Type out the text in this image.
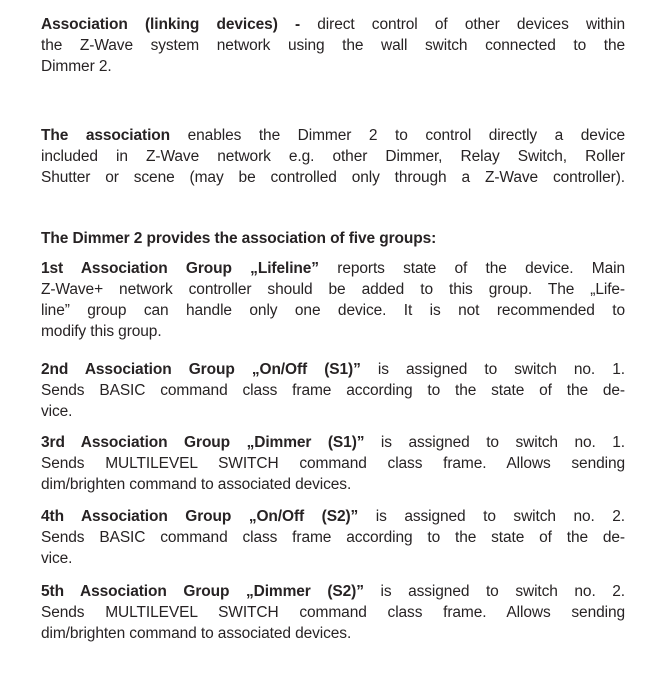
Association (linking devices) - direct control of other devices within
the Z-Wave system network using the wall switch connected to the
Dimmer 2.

The association enables the Dimmer 2 to control directly a device
included in Z-Wave network e.g. other Dimmer, Relay Switch, Roller
Shutter or scene (may be controlled only through a Z-Wave controller).

The Dimmer 2 provides the association of five groups:

1st Association Group „Lifeline” reports state of the device. Main
Z-Wave+ network controller should be added to this group. The „Life-
line” group can handle only one device. It is not recommended to
modify this group.

2nd Association Group „On/Off (S1)” is assigned to switch no. 1.
Sends BASIC command class frame according to the state of the de-
vice.

3rd Association Group „Dimmer (S1)” is assigned to switch no. 1.
Sends MULTILEVEL SWITCH command class frame. Allows sending
dim/brighten command to associated devices.

4th Association Group „On/Off (S2)” is assigned to switch no. 2.
Sends BASIC command class frame according to the state of the de-
vice.

5th Association Group „Dimmer (S2)” is assigned to switch no. 2.
Sends MULTILEVEL SWITCH command class frame. Allows sending
dim/brighten command to associated devices.
